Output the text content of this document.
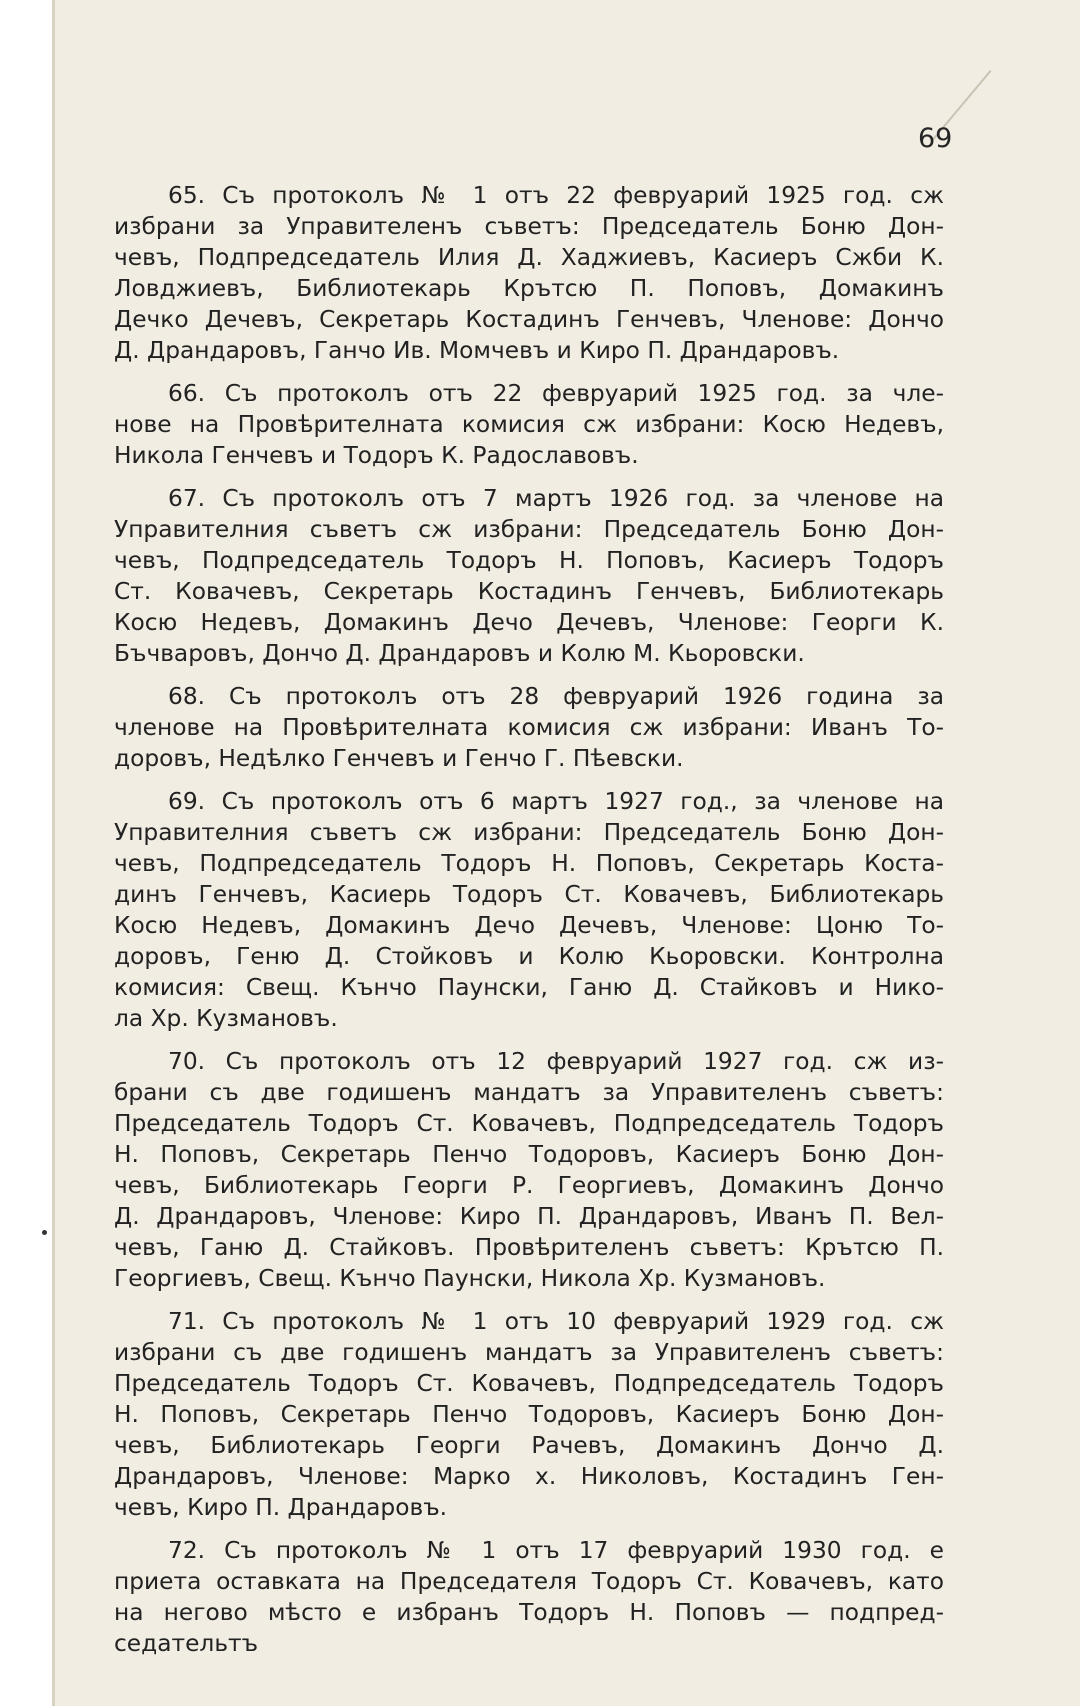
69
65. Съ протоколъ № 1 отъ 22 февруарий 1925 год. сж
избрани за Управителенъ съветъ: Председатель Боню Дон-
чевъ, Подпредседатель Илия Д. Хаджиевъ, Касиеръ Сжби К.
Ловджиевъ, Библиотекарь Крътсю П. Поповъ, Домакинъ
Дечко Дечевъ, Секретарь Костадинъ Генчевъ, Членове: Дончо
Д. Драндаровъ, Ганчо Ив. Момчевъ и Киро П. Драндаровъ.
66. Съ протоколъ отъ 22 февруарий 1925 год. за чле-
нове на Провѣрителната комисия сж избрани: Косю Недевъ,
Никола Генчевъ и Тодоръ К. Радославовъ.
67. Съ протоколъ отъ 7 мартъ 1926 год. за членове на
Управителния съветъ сж избрани: Председатель Боню Дон-
чевъ, Подпредседатель Тодоръ Н. Поповъ, Касиеръ Тодоръ
Ст. Ковачевъ, Секретарь Костадинъ Генчевъ, Библиотекарь
Косю Недевъ, Домакинъ Дечо Дечевъ, Членове: Георги К.
Бъчваровъ, Дончо Д. Драндаровъ и Колю М. Кьоровски.
68. Съ протоколъ отъ 28 февруарий 1926 година за
членове на Провѣрителната комисия сж избрани: Иванъ То-
доровъ, Недѣлко Генчевъ и Генчо Г. Пѣевски.
69. Съ протоколъ отъ 6 мартъ 1927 год., за членове на
Управителния съветъ сж избрани: Председатель Боню Дон-
чевъ, Подпредседатель Тодоръ Н. Поповъ, Секретарь Коста-
динъ Генчевъ, Касиерь Тодоръ Ст. Ковачевъ, Библиотекарь
Косю Недевъ, Домакинъ Дечо Дечевъ, Членове: Цоню То-
доровъ, Геню Д. Стойковъ и Колю Кьоровски. Контролна
комисия: Свещ. Кънчо Паунски, Ганю Д. Стайковъ и Нико-
ла Хр. Кузмановъ.
70. Съ протоколъ отъ 12 февруарий 1927 год. сж из-
брани съ две годишенъ мандатъ за Управителенъ съветъ:
Председатель Тодоръ Ст. Ковачевъ, Подпредседатель Тодоръ
Н. Поповъ, Секретарь Пенчо Тодоровъ, Касиеръ Боню Дон-
чевъ, Библиотекарь Георги Р. Георгиевъ, Домакинъ Дончо
Д. Драндаровъ, Членове: Киро П. Драндаровъ, Иванъ П. Вел-
чевъ, Ганю Д. Стайковъ. Провѣрителенъ съветъ: Крътсю П.
Георгиевъ, Свещ. Кънчо Паунски, Никола Хр. Кузмановъ.
71. Съ протоколъ № 1 отъ 10 февруарий 1929 год. сж
избрани съ две годишенъ мандатъ за Управителенъ съветъ:
Председатель Тодоръ Ст. Ковачевъ, Подпредседатель Тодоръ
Н. Поповъ, Секретарь Пенчо Тодоровъ, Касиеръ Боню Дон-
чевъ, Библиотекарь Георги Рачевъ, Домакинъ Дончо Д.
Драндаровъ, Членове: Марко х. Николовъ, Костадинъ Ген-
чевъ, Киро П. Драндаровъ.
72. Съ протоколъ № 1 отъ 17 февруарий 1930 год. е
приета оставката на Председателя Тодоръ Ст. Ковачевъ, като
на негово мѣсто е избранъ Тодоръ Н. Поповъ — подпред-
седательтъ
